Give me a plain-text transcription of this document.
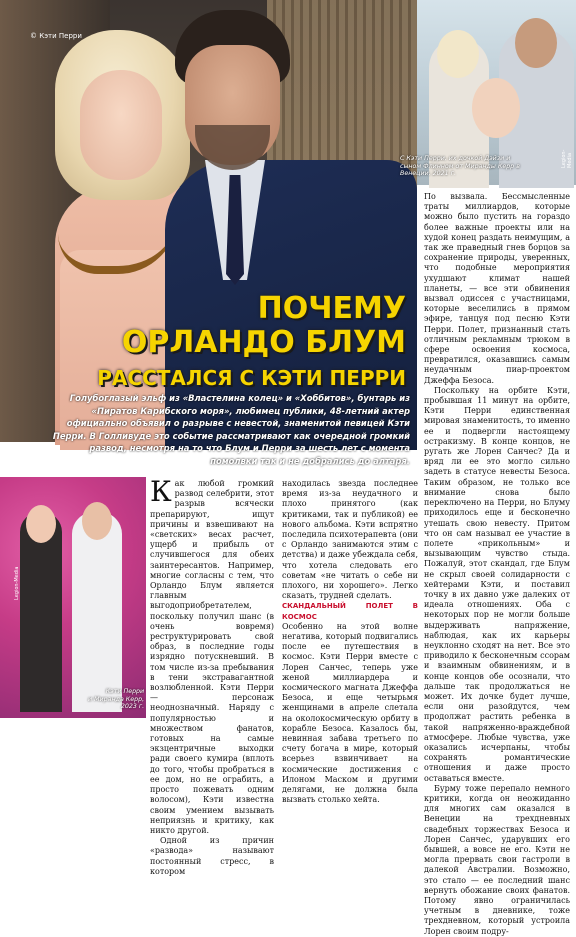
© Кэти Перри
ПОЧЕМУ
ОРЛАНДО БЛУМ
РАССТАЛСЯ С КЭТИ ПЕРРИ
Голубоглазый эльф из «Властелина колец» и «Хоббитов», бунтарь из «Пиратов Карибского моря», любимец публики, 48-летний актер официально объявил о разрыве с невестой, знаменитой певицей Кэти Перри. В Голливуде это событие рассматривают как очередной громкий развод, несмотря на то что Блум и Перри за шесть лет с момента помолвки так и не добрались до алтаря.
С Кэти Перри, их дочкой Дэйзи и сыном Флинном от Миранды Керр в Венеции, 2021 г.
Legion-Media

По вызвала. Бессмысленные траты миллиардов, которые можно было пустить на гораздо более важные проекты или на худой конец раздать неимущим, а так же праведный гнев борцов за сохранение природы, уверенных, что подобные мероприятия ухудшают климат нашей планеты, — все эти обвинения вызвал одиссея с участницами, которые веселились в прямом эфире, танцуя под песню Кэти Перри. Полет, признанный стать отличным рекламным трюком в сфере освоения космоса, превратился, оказавшись самым неудачным пиар-проектом Джеффа Безоса.

Поскольку на орбите Кэти, пробывшая 11 минут на орбите, Кэти Перри единственная мировая знаменитость, то именно ее и подвергли настоящему остракизму. В конце концов, не ругать же Лорен Санчес? Да и вряд ли ее это могло сильно задеть в статусе невесты Безоса. Таким образом, не только все внимание снова было переключено на Перри, но Блуму приходилось еще и бесконечно утешать свою невесту. Притом что он сам называл ее участие в полете «прикольным» и вызывающим чувство стыда. Пожалуй, этот скандал, где Блум не скрыл своей солидарности с хейтерами Кэти, и поставил точку в их давно уже далеких от идеала отношениях. Оба с некоторых пор не могли больше выдерживать напряжение, наблюдая, как их карьеры неуклонно сходят на нет. Все это приводило к бесконечным ссорам и взаимным обвинениям, и в конце концов обе осознали, что дальше так продолжаться не может. Их дочке будет лучше, если они разойдутся, чем продолжат растить ребенка в такой напряженно-враждебной атмосфере. Любые чувства, уже оказались исчерпаны, чтобы сохранять романтические отношения и даже просто оставаться вместе.

Бурму тоже перепало немного критики, когда он неожиданно для многих сам оказался в Венеции на трехдневных свадебных торжествах Безоса и Лорен Санчес, ударувших его бывшей, а вовсе не его. Кэти не могла прервать свои гастроли в далекой Австралии. Возможно, это стало — ее последний шанс вернуть обожание своих фанатов. Потому явно ограничилась учетным в дневнике, тоже трехдневном, который устроила Лорен своим подру-

Кэти Перри
и Миранда Керр,
2023 г.
Legion-Media

Как любой громкий развод селебрити, этот разрыв всячески препарируют, ищут причины и взвешивают на «светских» весах расчет, ущерб и прибыль от случившегося для обеих заинтересантов. Например, многие согласны с тем, что Орландо Блум является главным выгодоприобретателем, поскольку получил шанс (в очень вовремя) реструктурировать свой образ, в последние годы изрядно потускневший. В том числе из-за пребывания в тени экстравагантной возлюбленной. Кэти Перри — персонаж неоднозначный. Наряду с популярностью и множеством фанатов, готовых на самые экзцентричные выходки ради своего кумира (вплоть до того, чтобы пробраться в ее дом, но не ограбить, а просто пожевать одним волосом), Кэти известна своим умением вызывать неприязнь и критику, как никто другой.

Одной из причин «развода» называют постоянный стресс, в котором

находилась звезда последнее время из-за неудачного и плохо принятого (как критиками, так и публикой) ее нового альбома. Кэти вспрятно последила психотерапевта (они с Орландо занимаются этим с детства) и даже убеждала себя, что хотела следовать его советам «не читать о себе ни плохого, ни хорошего». Легко сказать, трудней сделать.

СКАНДАЛЬНЫЙ ПОЛЕТ В КОСМОС

Особенно на этой волне негатива, который подвигались после ее путешествия в космос. Кэти Перри вместе с Лорен Санчес, теперь уже женой миллиардера и космического магната Джеффа Безоса, и еще четырьмя женщинами в апреле слетала на околокосмическую орбиту в корабле Безоса. Казалось бы, невинная забава третьего по счету богача в мире, который всерьез взвинчивает на космические достижения с Илоном Маском и другими делягами, не должна была вызвать столько хейта.
